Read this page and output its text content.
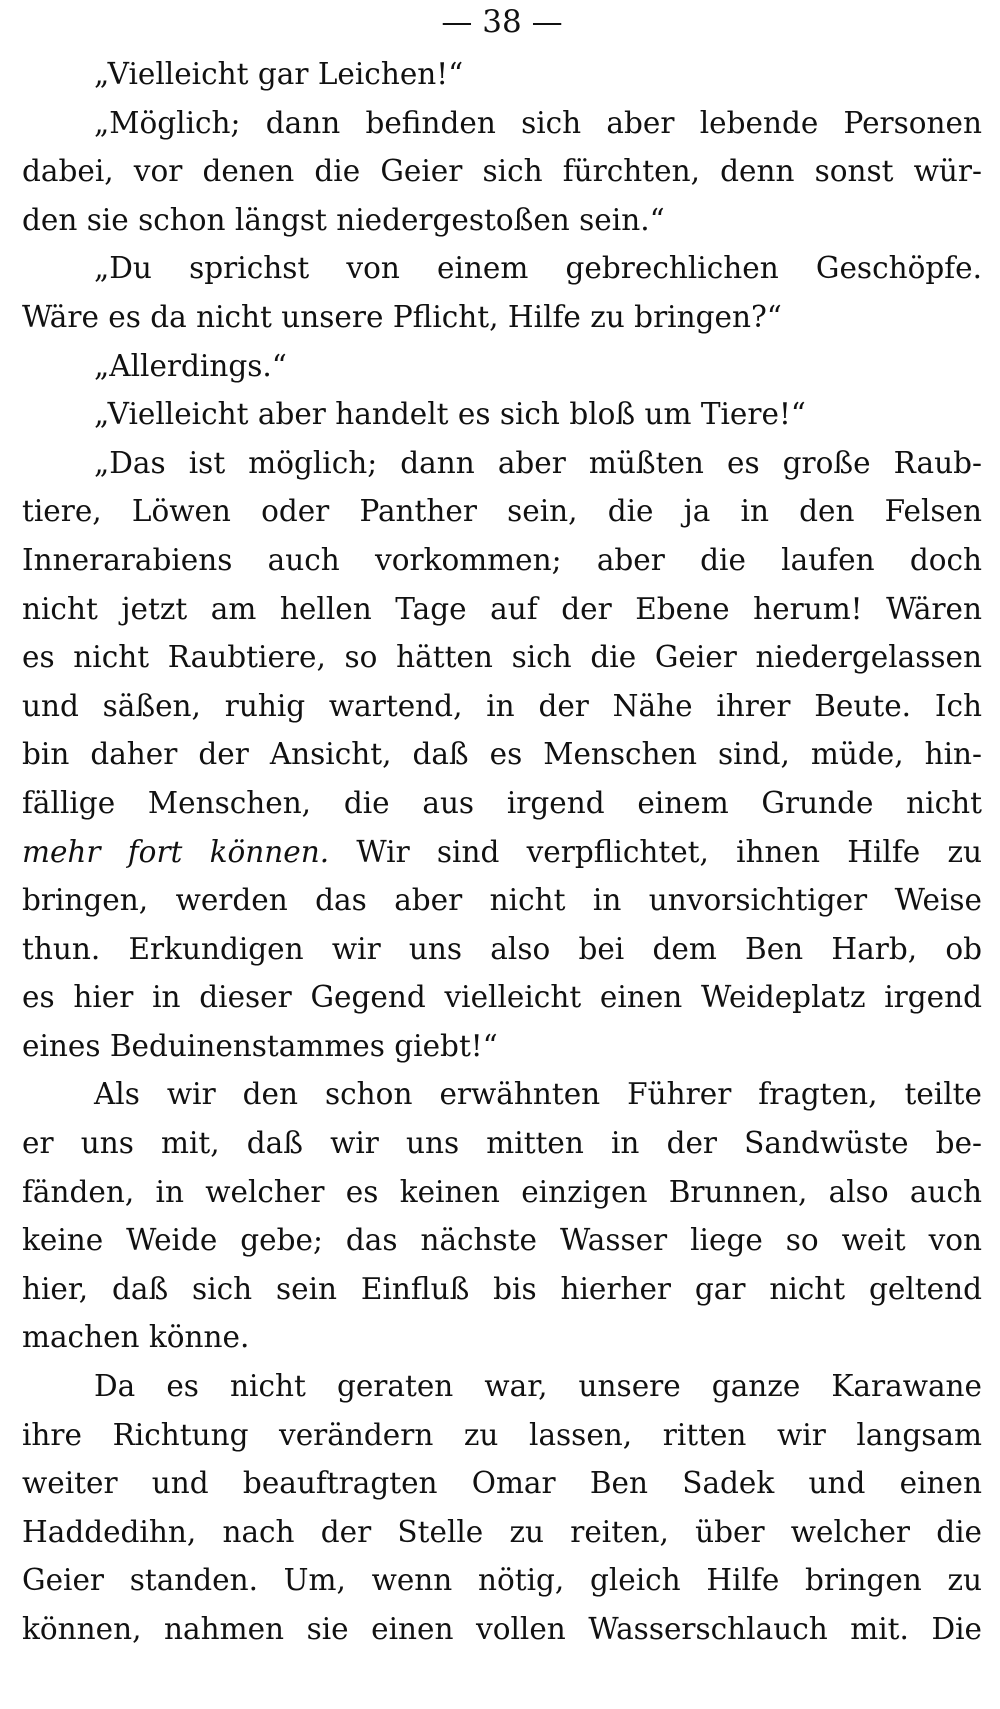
— 38 —
„Vielleicht gar Leichen!“
„Möglich; dann befinden sich aber lebende Personen
dabei, vor denen die Geier sich fürchten, denn sonst wür-
den sie schon längst niedergestoßen sein.“
„Du sprichst von einem gebrechlichen Geschöpfe.
Wäre es da nicht unsere Pflicht, Hilfe zu bringen?“
„Allerdings.“
„Vielleicht aber handelt es sich bloß um Tiere!“
„Das ist möglich; dann aber müßten es große Raub-
tiere, Löwen oder Panther sein, die ja in den Felsen
Innerarabiens auch vorkommen; aber die laufen doch
nicht jetzt am hellen Tage auf der Ebene herum! Wären
es nicht Raubtiere, so hätten sich die Geier niedergelassen
und säßen, ruhig wartend, in der Nähe ihrer Beute. Ich
bin daher der Ansicht, daß es Menschen sind, müde, hin-
fällige Menschen, die aus irgend einem Grunde nicht
mehr fort können. Wir sind verpflichtet, ihnen Hilfe zu
bringen, werden das aber nicht in unvorsichtiger Weise
thun. Erkundigen wir uns also bei dem Ben Harb, ob
es hier in dieser Gegend vielleicht einen Weideplatz irgend
eines Beduinenstammes giebt!“
Als wir den schon erwähnten Führer fragten, teilte
er uns mit, daß wir uns mitten in der Sandwüste be-
fänden, in welcher es keinen einzigen Brunnen, also auch
keine Weide gebe; das nächste Wasser liege so weit von
hier, daß sich sein Einfluß bis hierher gar nicht geltend
machen könne.
Da es nicht geraten war, unsere ganze Karawane
ihre Richtung verändern zu lassen, ritten wir langsam
weiter und beauftragten Omar Ben Sadek und einen
Haddedihn, nach der Stelle zu reiten, über welcher die
Geier standen. Um, wenn nötig, gleich Hilfe bringen zu
können, nahmen sie einen vollen Wasserschlauch mit. Die
